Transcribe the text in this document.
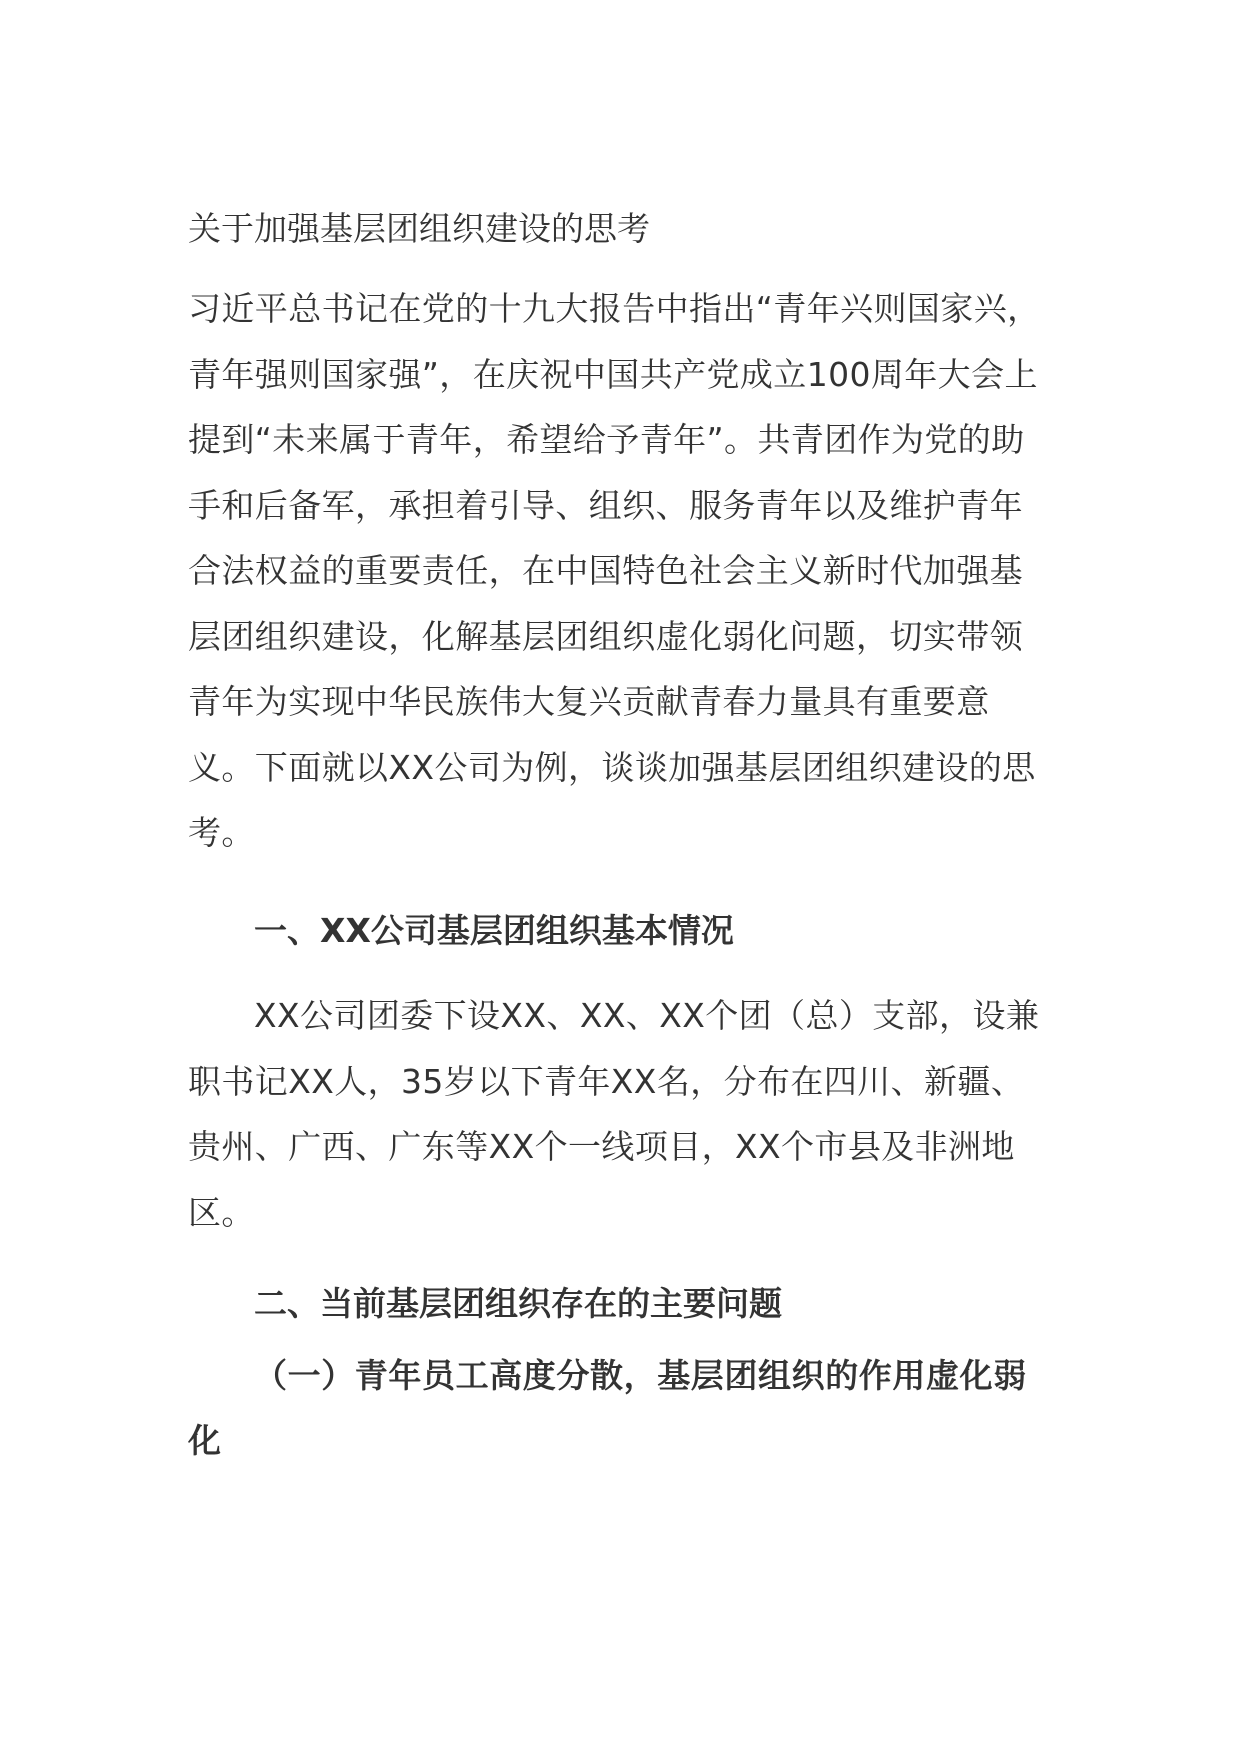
关于加强基层团组织建设的思考

习近平总书记在党的十九大报告中指出“青年兴则国家兴，青年强则国家强”，在庆祝中国共产党成立100周年大会上提到“未来属于青年，希望给予青年”。共青团作为党的助手和后备军，承担着引导、组织、服务青年以及维护青年合法权益的重要责任，在中国特色社会主义新时代加强基层团组织建设，化解基层团组织虚化弱化问题，切实带领青年为实现中华民族伟大复兴贡献青春力量具有重要意义。下面就以XX公司为例，谈谈加强基层团组织建设的思考。

一、XX公司基层团组织基本情况

XX公司团委下设XX、XX、XX个团（总）支部，设兼职书记XX人，35岁以下青年XX名，分布在四川、新疆、贵州、广西、广东等XX个一线项目，XX个市县及非洲地区。

二、当前基层团组织存在的主要问题
（一）青年员工高度分散，基层团组织的作用虚化弱化
